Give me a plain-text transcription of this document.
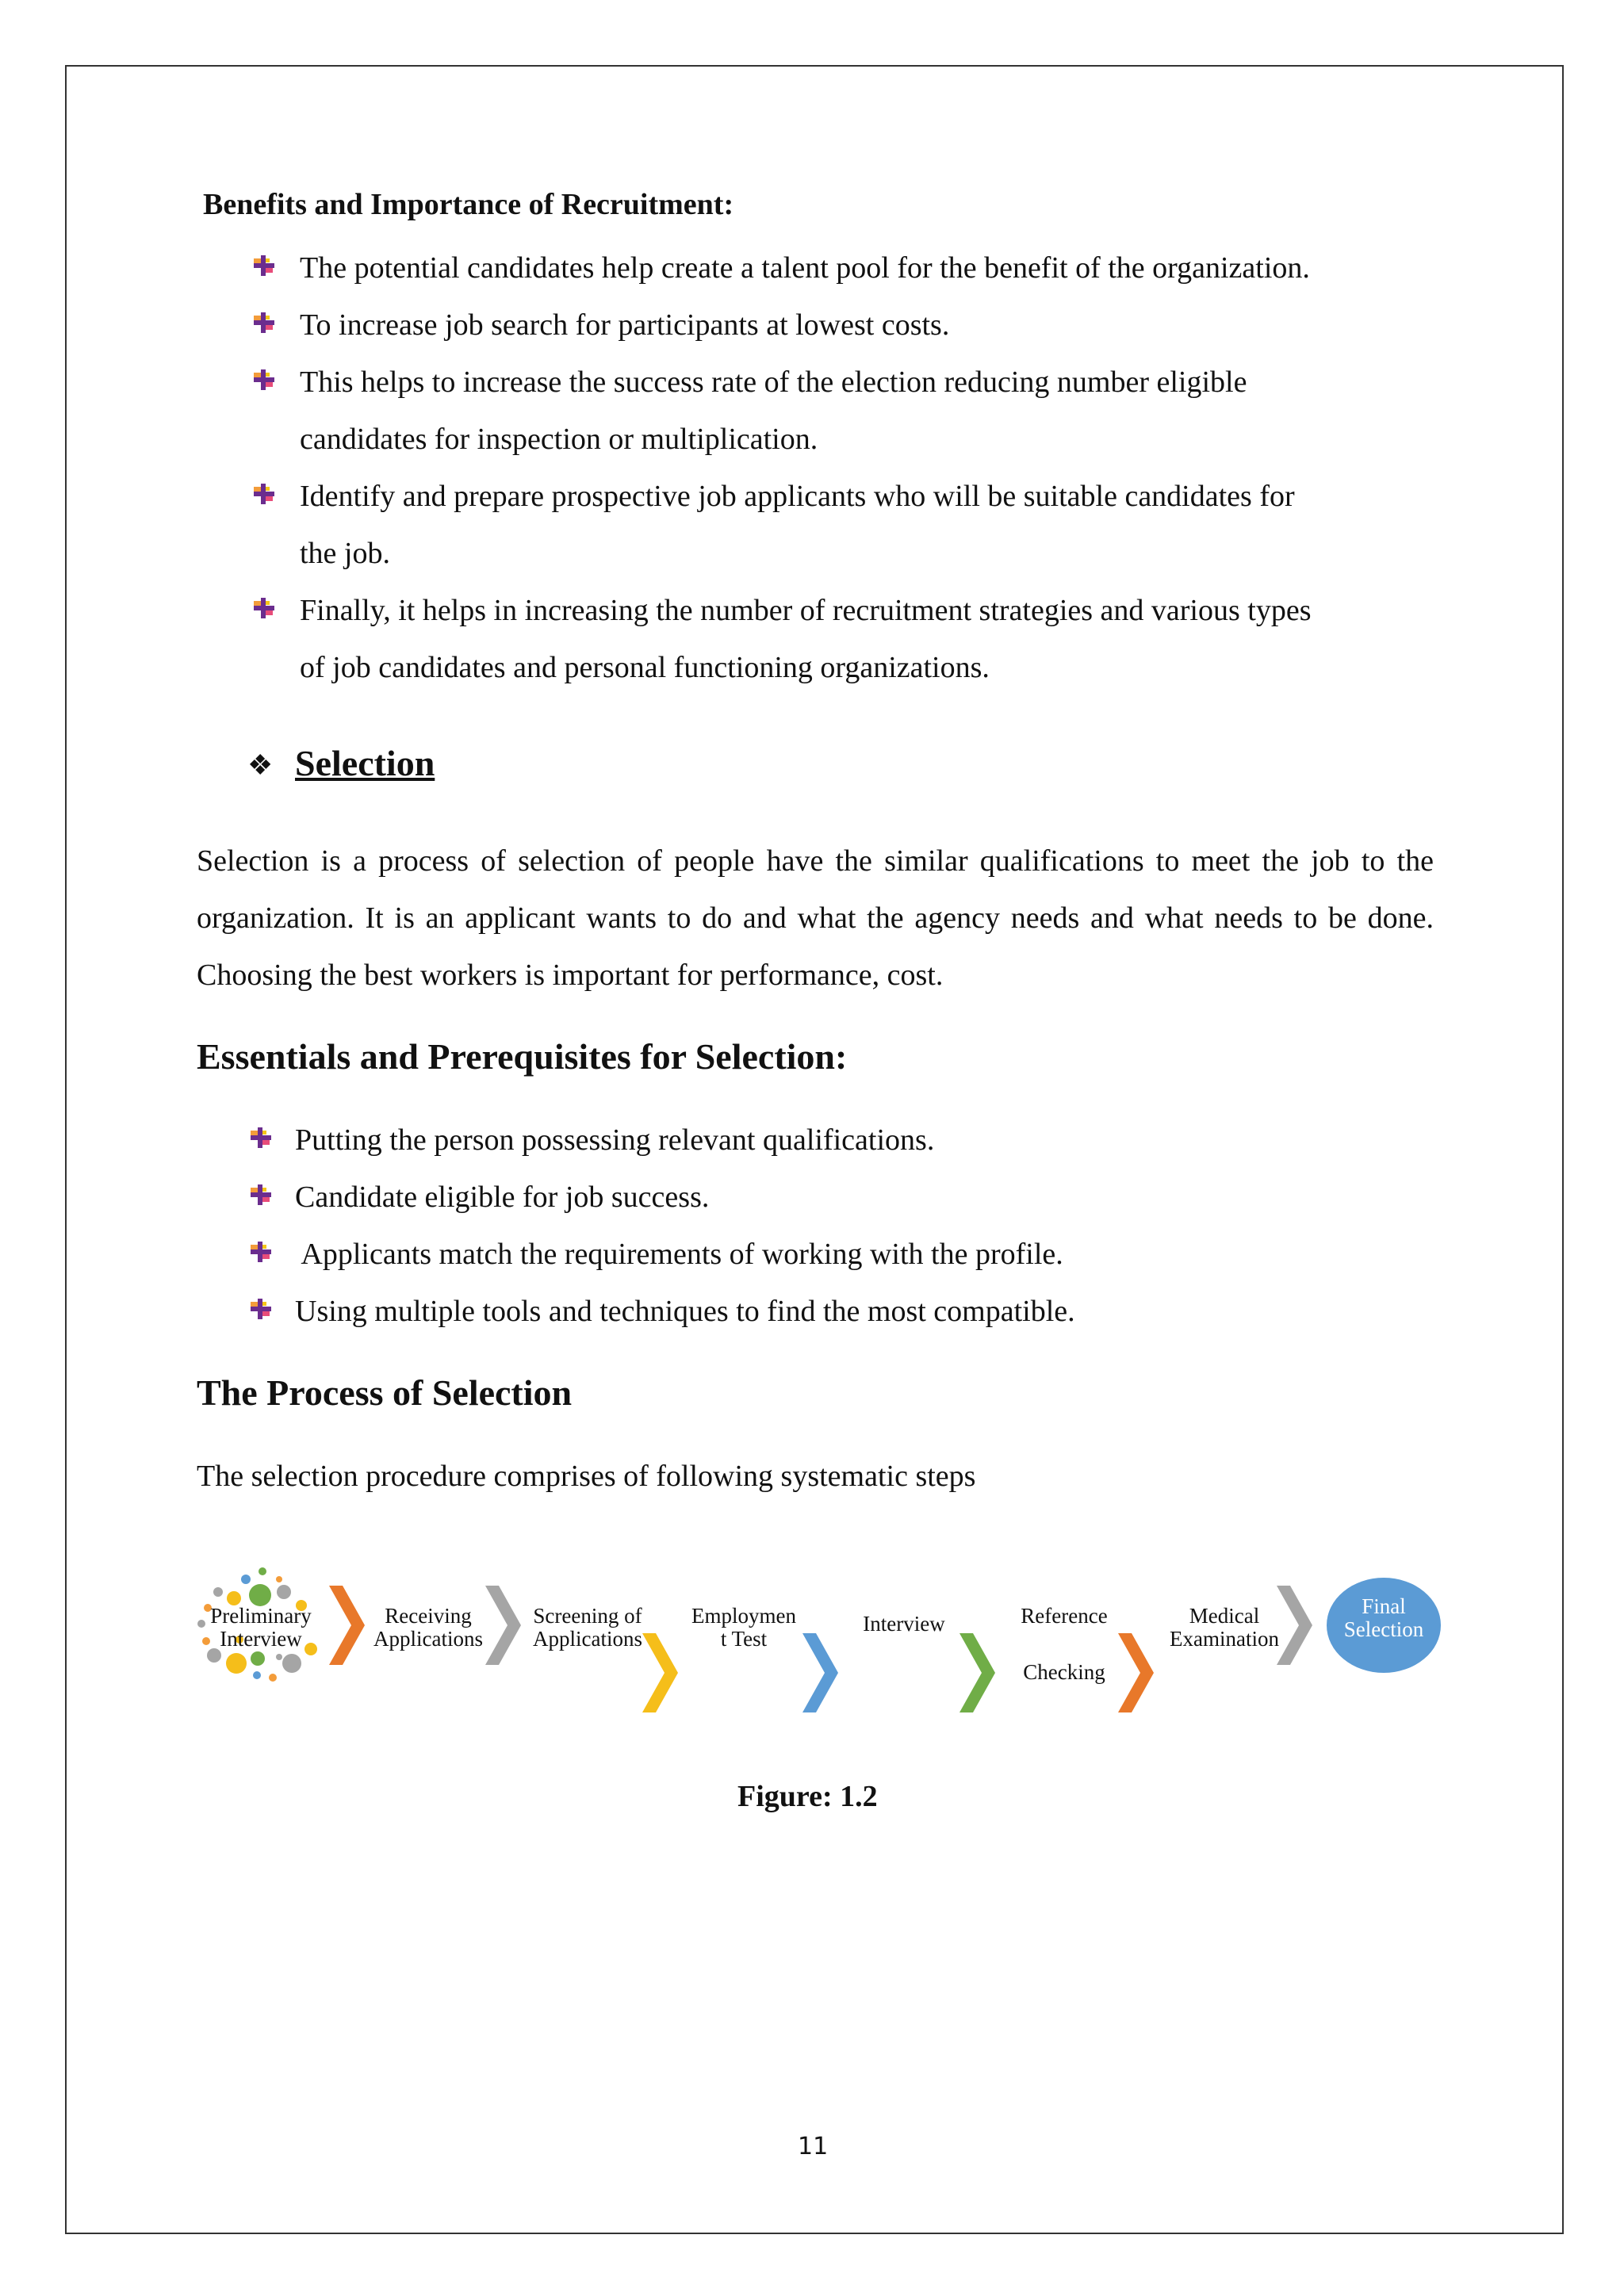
Benefits and Importance of Recruitment:
The potential candidates help create a talent pool for the benefit of the organization.
To increase job search for participants at lowest costs.
This helps to increase the success rate of the election reducing number eligible
candidates for inspection or multiplication.
Identify and prepare prospective job applicants who will be suitable candidates for
the job.
Finally, it helps in increasing the number of recruitment strategies and various types
of job candidates and personal functioning organizations.
❖ Selection
Selection is a process of selection of people have the similar qualifications to meet the job to the organization. It is an applicant wants to do and what the agency needs and what needs to be done. Choosing the best workers is important for performance, cost.
Essentials and Prerequisites for Selection:
Putting the person possessing relevant qualifications.
Candidate eligible for job success.
Applicants match the requirements of working with the profile.
Using multiple tools and techniques to find the most compatible.
The Process of Selection
The selection procedure comprises of following systematic steps
Preliminary
Interview
Receiving
Applications
Screening of
Applications
Employmen
t Test
Interview	Reference
Checking
Medical
Examination
Final
Selection
Figure: 1.2
11
